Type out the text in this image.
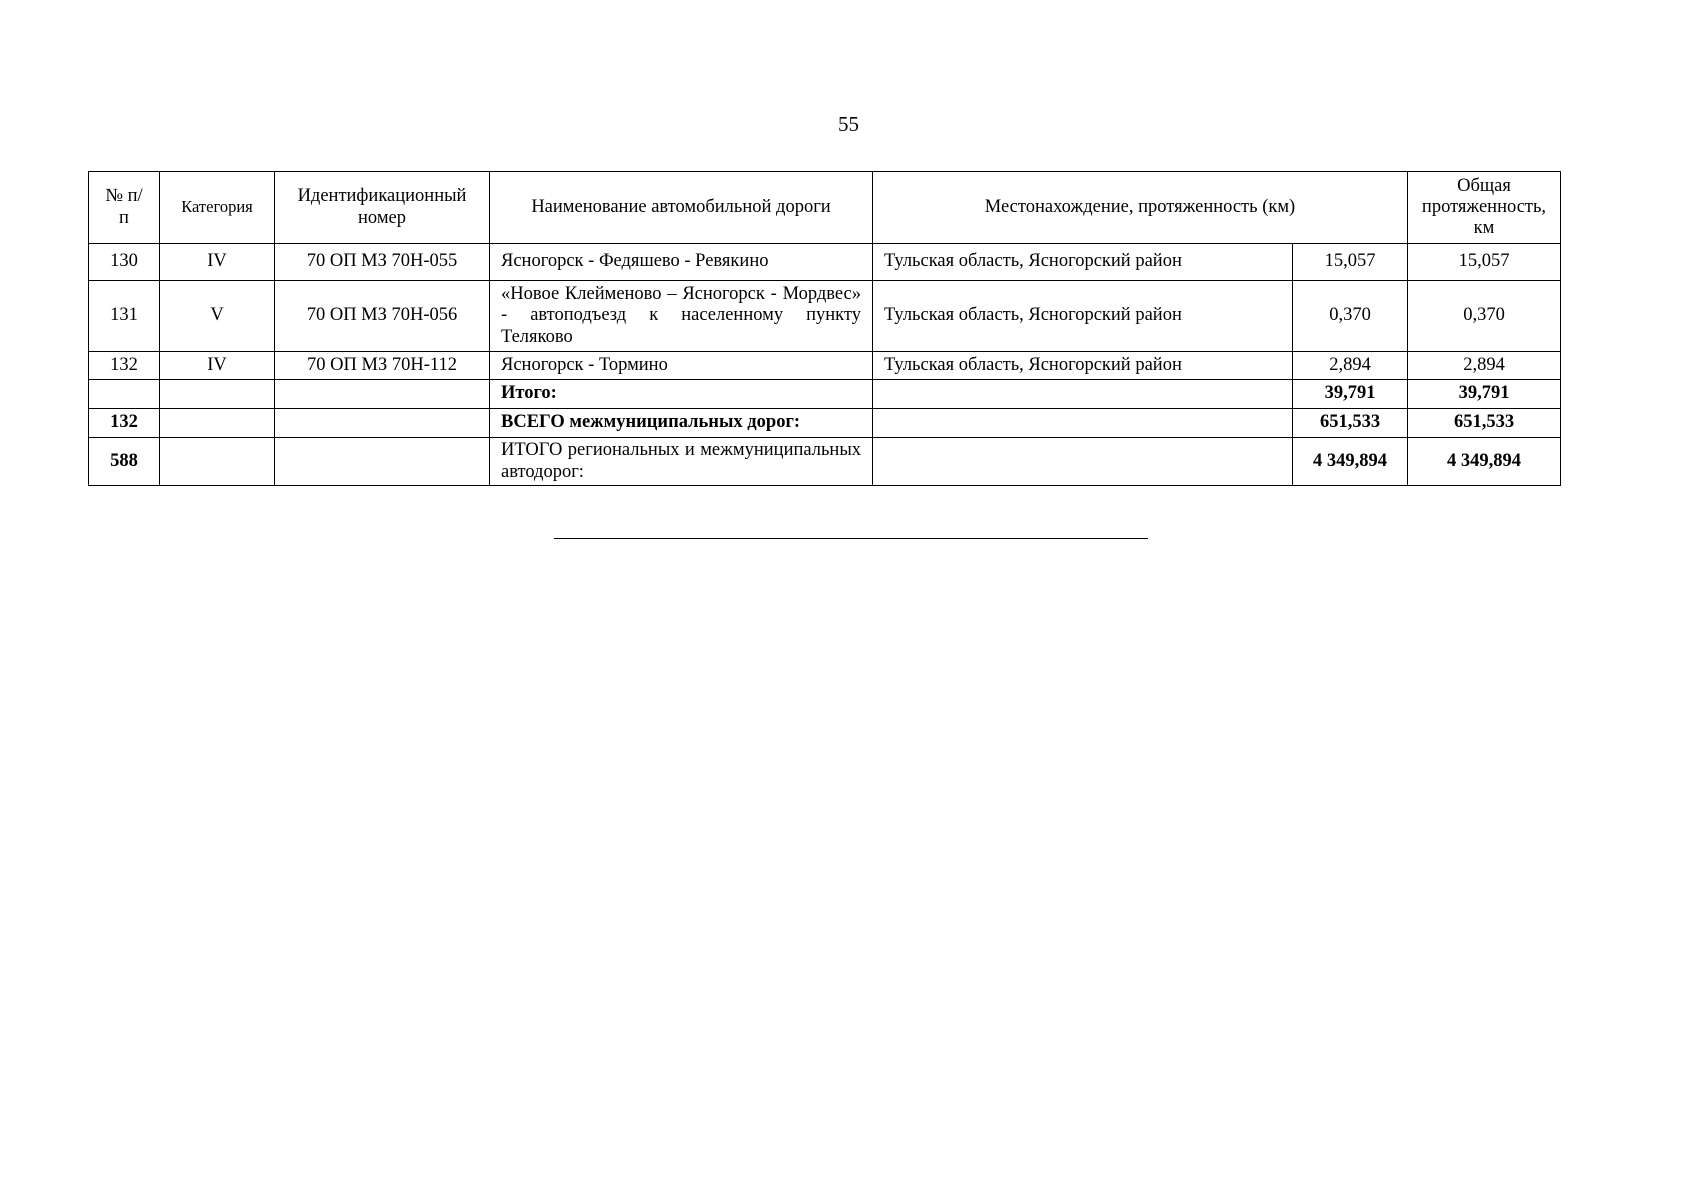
55
№ п/п	Категория	Идентификационный номер	Наименование автомобильной дороги	Местонахождение, протяженность (км)		Общая протяженность, км
130	IV	70 ОП МЗ 70Н-055	Ясногорск - Федяшево - Ревякино	Тульская область, Ясногорский район	15,057	15,057
131	V	70 ОП МЗ 70Н-056	«Новое Клейменово – Ясногорск - Мордвес» - автоподъезд к населенному пункту Теляково	Тульская область, Ясногорский район	0,370	0,370
132	IV	70 ОП МЗ 70Н-112	Ясногорск - Тормино	Тульская область, Ясногорский район	2,894	2,894
			Итого:		39,791	39,791
132			ВСЕГО межмуниципальных дорог:		651,533	651,533
588			ИТОГО региональных и межмуниципальных автодорог:		4 349,894	4 349,894
